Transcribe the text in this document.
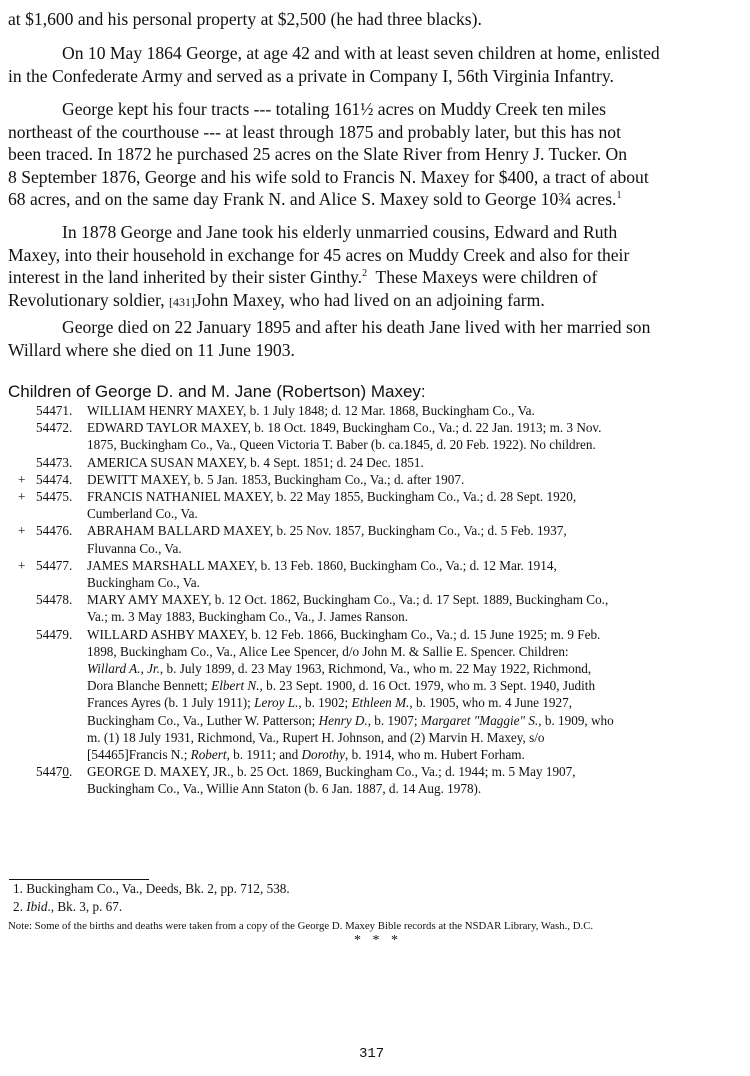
at $1,600 and his personal property at $2,500 (he had three blacks).

On 10 May 1864 George, at age 42 and with at least seven children at home, enlisted
in the Confederate Army and served as a private in Company I, 56th Virginia Infantry.

George kept his four tracts --- totaling 161½ acres on Muddy Creek ten miles
northeast of the courthouse --- at least through 1875 and probably later, but this has not
been traced. In 1872 he purchased 25 acres on the Slate River from Henry J. Tucker. On
8 September 1876, George and his wife sold to Francis N. Maxey for $400, a tract of about
68 acres, and on the same day Frank N. and Alice S. Maxey sold to George 10¾ acres.$^1$

In 1878 George and Jane took his elderly unmarried cousins, Edward and Ruth
Maxey, into their household in exchange for 45 acres on Muddy Creek and also for their
interest in the land inherited by their sister Ginthy.$^2$  These Maxeys were children of
Revolutionary soldier, [431]John Maxey, who had lived on an adjoining farm.

George died on 22 January 1895 and after his death Jane lived with her married son
Willard where she died on 11 June 1903.

Children of George D. and M. Jane (Robertson) Maxey:

54471. WILLIAM HENRY MAXEY, b. 1 July 1848; d. 12 Mar. 1868, Buckingham Co., Va.
54472. EDWARD TAYLOR MAXEY, b. 18 Oct. 1849, Buckingham Co., Va.; d. 22 Jan. 1913; m. 3 Nov.
1875, Buckingham Co., Va., Queen Victoria T. Baber (b. ca.1845, d. 20 Feb. 1922). No children.
54473. AMERICA SUSAN MAXEY, b. 4 Sept. 1851; d. 24 Dec. 1851.
+ 54474. DEWITT MAXEY, b. 5 Jan. 1853, Buckingham Co., Va.; d. after 1907.
+ 54475. FRANCIS NATHANIEL MAXEY, b. 22 May 1855, Buckingham Co., Va.; d. 28 Sept. 1920,
Cumberland Co., Va.
+ 54476. ABRAHAM BALLARD MAXEY, b. 25 Nov. 1857, Buckingham Co., Va.; d. 5 Feb. 1937,
Fluvanna Co., Va.
+ 54477. JAMES MARSHALL MAXEY, b. 13 Feb. 1860, Buckingham Co., Va.; d. 12 Mar. 1914,
Buckingham Co., Va.
54478. MARY AMY MAXEY, b. 12 Oct. 1862, Buckingham Co., Va.; d. 17 Sept. 1889, Buckingham Co.,
Va.; m. 3 May 1883, Buckingham Co., Va., J. James Ranson.
54479. WILLARD ASHBY MAXEY, b. 12 Feb. 1866, Buckingham Co., Va.; d. 15 June 1925; m. 9 Feb.
1898, Buckingham Co., Va., Alice Lee Spencer, d/o John M. & Sallie E. Spencer. Children:
Willard A., Jr., b. July 1899, d. 23 May 1963, Richmond, Va., who m. 22 May 1922, Richmond,
Dora Blanche Bennett; Elbert N., b. 23 Sept. 1900, d. 16 Oct. 1979, who m. 3 Sept. 1940, Judith
Frances Ayres (b. 1 July 1911); Leroy L., b. 1902; Ethleen M., b. 1905, who m. 4 June 1927,
Buckingham Co., Va., Luther W. Patterson; Henry D., b. 1907; Margaret "Maggie" S., b. 1909, who
m. (1) 18 July 1931, Richmond, Va., Rupert H. Johnson, and (2) Marvin H. Maxey, s/o
[54465]Francis N.; Robert, b. 1911; and Dorothy, b. 1914, who m. Hubert Forham.
54470. GEORGE D. MAXEY, JR., b. 25 Oct. 1869, Buckingham Co., Va.; d. 1944; m. 5 May 1907,
Buckingham Co., Va., Willie Ann Staton (b. 6 Jan. 1887, d. 14 Aug. 1978).
1. Buckingham Co., Va., Deeds, Bk. 2, pp. 712, 538.
2. Ibid., Bk. 3, p. 67.
Note: Some of the births and deaths were taken from a copy of the George D. Maxey Bible records at the NSDAR Library, Wash., D.C.
* * *
317
